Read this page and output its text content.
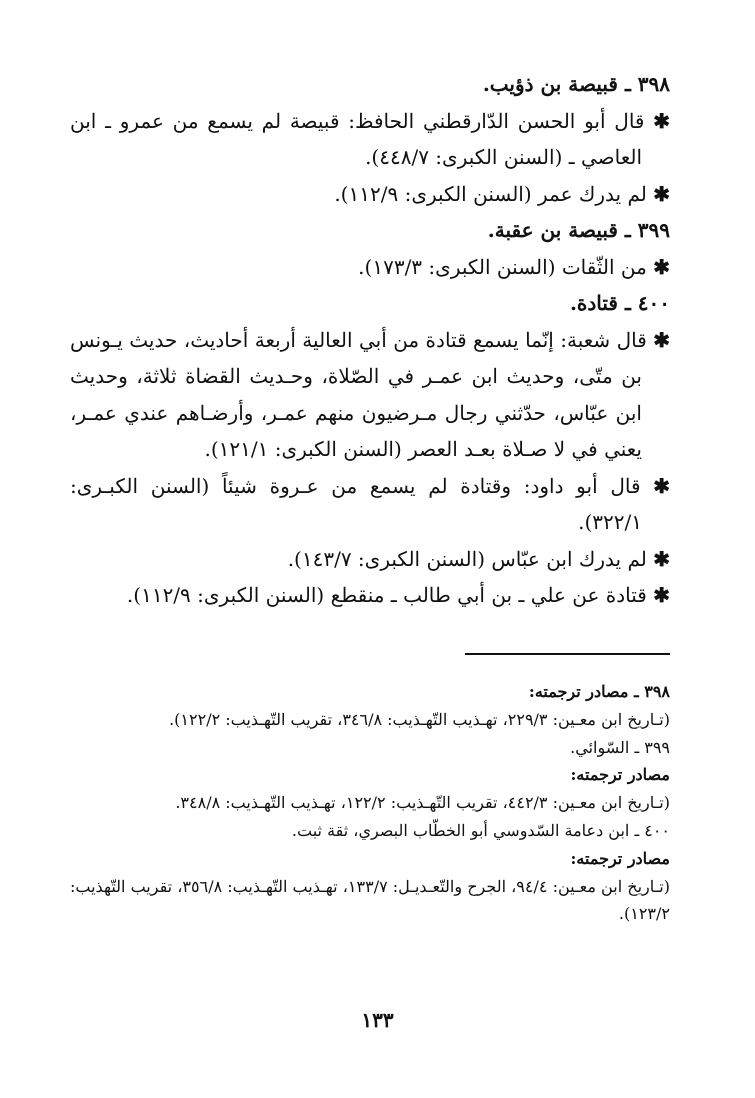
٣٩٨ ـ قبيصة بن ذؤيب.

✱ قال أبو الحسن الدّارقطني الحافظ: قبيصة لم يسمع من عمرو ـ ابن العاصي ـ (السنن الكبرى: ٤٤٨/٧).

✱ لم يدرك عمر (السنن الكبرى: ١١٢/٩).

٣٩٩ ـ قبيصة بن عقبة.

✱ من الثّقات (السنن الكبرى: ١٧٣/٣).

٤٠٠ ـ قتادة.

✱ قال شعبة: إنّما يسمع قتادة من أبي العالية أربعة أحاديث، حديث يـونس بن متّى، وحديث ابن عمـر في الصّلاة، وحـديث القضاة ثلاثة، وحديث ابن عبّاس، حدّثني رجال مـرضيون منهم عمـر، وأرضـاهم عندي عمـر، يعني في لا صـلاة بعـد العصر (السنن الكبرى: ١٢١/١).

✱ قال أبو داود: وقتادة لم يسمع من عـروة شيئاً (السنن الكبـرى: ٣٢٢/١).

✱ لم يدرك ابن عبّاس (السنن الكبرى: ١٤٣/٧).

✱ قتادة عن علي ـ بن أبي طالب ـ منقطع (السنن الكبرى: ١١٢/٩).

٣٩٨ ـ مصادر ترجمته:

(تـاريخ ابن معـين: ٢٢٩/٣، تهـذيب التّهـذيب: ٣٤٦/٨، تقريب التّهـذيب: ١٢٢/٢).

٣٩٩ ـ السّوائي.

مصادر ترجمته:

(تـاريخ ابن معـين: ٤٤٢/٣، تقريب التّهـذيب: ١٢٢/٢، تهـذيب التّهـذيب: ٣٤٨/٨.

٤٠٠ ـ ابن دعامة السّدوسي أبو الخطّاب البصري، ثقة ثبت.

مصادر ترجمته:

(تـاريخ ابن معـين: ٩٤/٤، الجرح والتّعـديـل: ١٣٣/٧، تهـذيب التّهـذيب: ٣٥٦/٨، تقريب التّهذيب: ١٢٣/٢).

١٣٣
